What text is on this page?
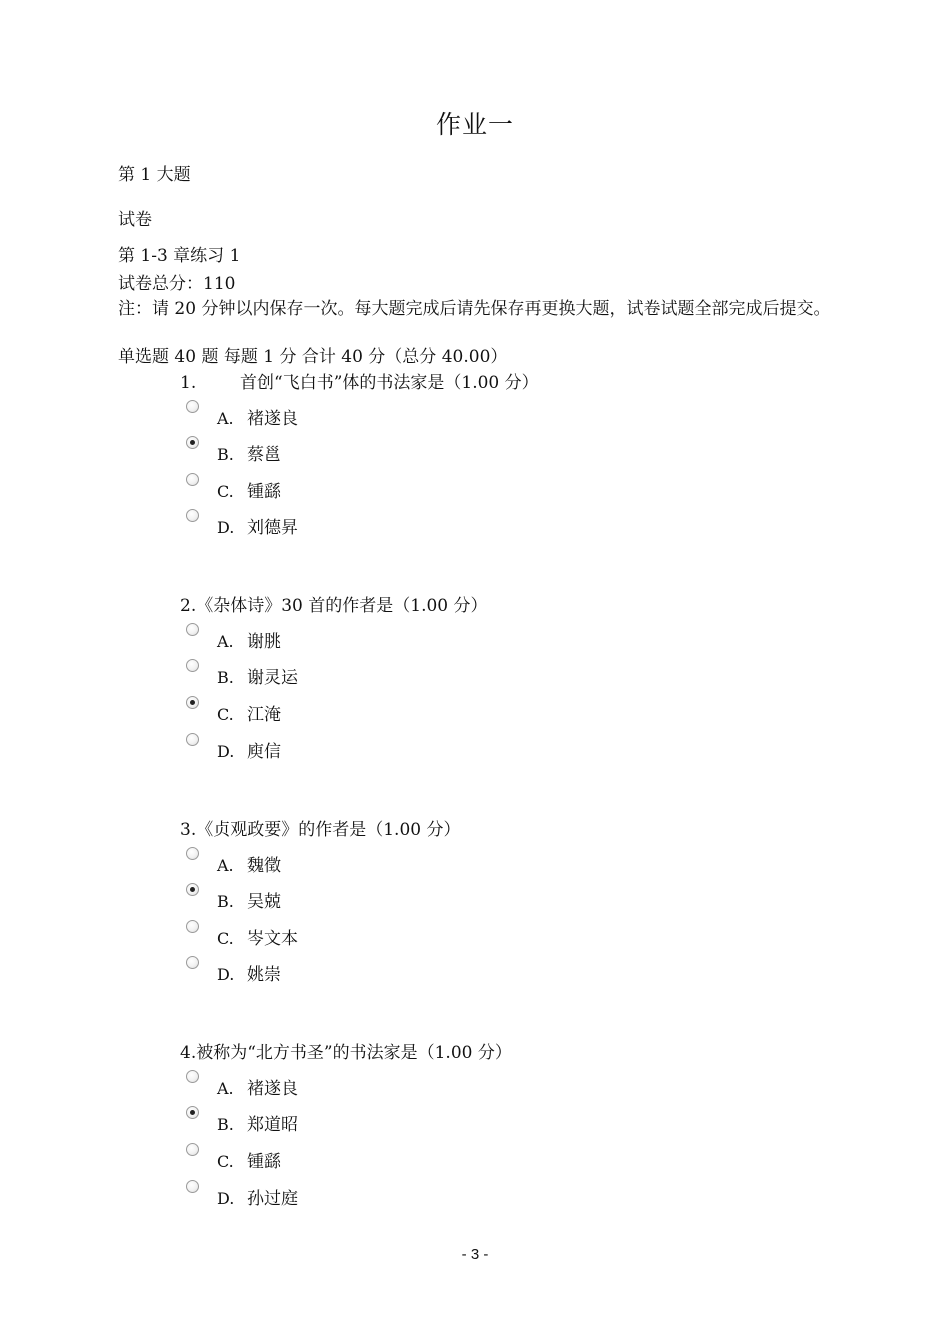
作业一
第 1 大题
试卷
第 1-3 章练习 1
试卷总分：110
注：请 20 分钟以内保存一次。每大题完成后请先保存再更换大题，试卷试题全部完成后提交。
单选题 40 题 每题 1 分 合计 40 分（总分 40.00）
1.	首创“飞白书”体的书法家是（1.00 分）
A. 褚遂良
B. 蔡邕
C. 锺繇
D. 刘德昇
2.《杂体诗》30 首的作者是（1.00 分）
A. 谢朓
B. 谢灵运
C. 江淹
D. 庾信
3.《贞观政要》的作者是（1.00 分）
A. 魏徵
B. 吴兢
C. 岑文本
D. 姚崇
4.被称为“北方书圣”的书法家是（1.00 分）
A. 褚遂良
B. 郑道昭
C. 锺繇
D. 孙过庭
- 3 -
